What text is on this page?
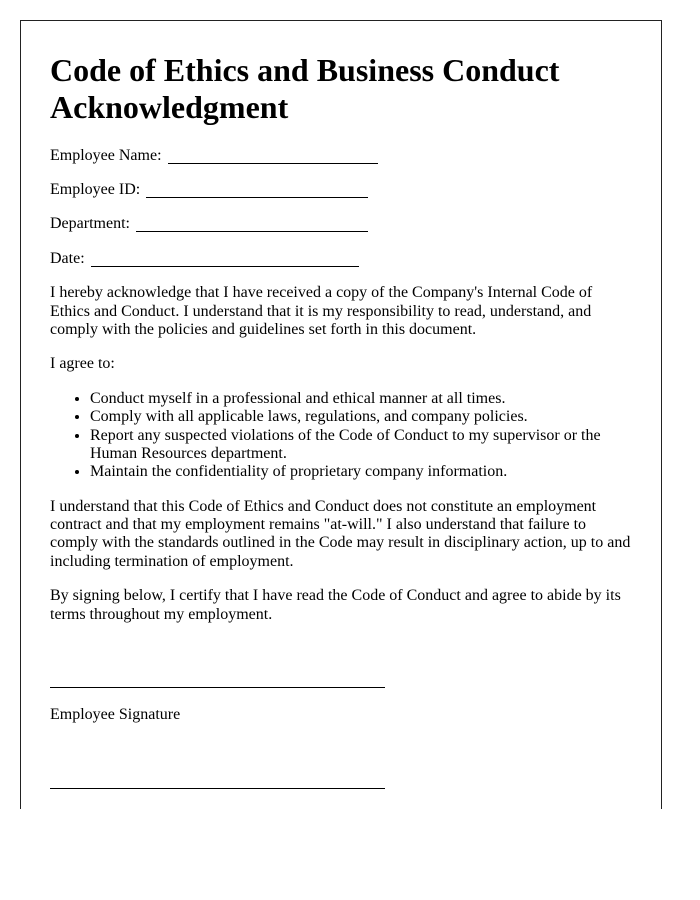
Code of Ethics and Business Conduct Acknowledgment

Employee Name:

Employee ID:

Department:

Date:

I hereby acknowledge that I have received a copy of the Company's Internal Code of Ethics and Conduct. I understand that it is my responsibility to read, understand, and comply with the policies and guidelines set forth in this document.

I agree to:

• Conduct myself in a professional and ethical manner at all times.
• Comply with all applicable laws, regulations, and company policies.
• Report any suspected violations of the Code of Conduct to my supervisor or the Human Resources department.
• Maintain the confidentiality of proprietary company information.

I understand that this Code of Ethics and Conduct does not constitute an employment contract and that my employment remains "at-will." I also understand that failure to comply with the standards outlined in the Code may result in disciplinary action, up to and including termination of employment.

By signing below, I certify that I have read the Code of Conduct and agree to abide by its terms throughout my employment.

Employee Signature
